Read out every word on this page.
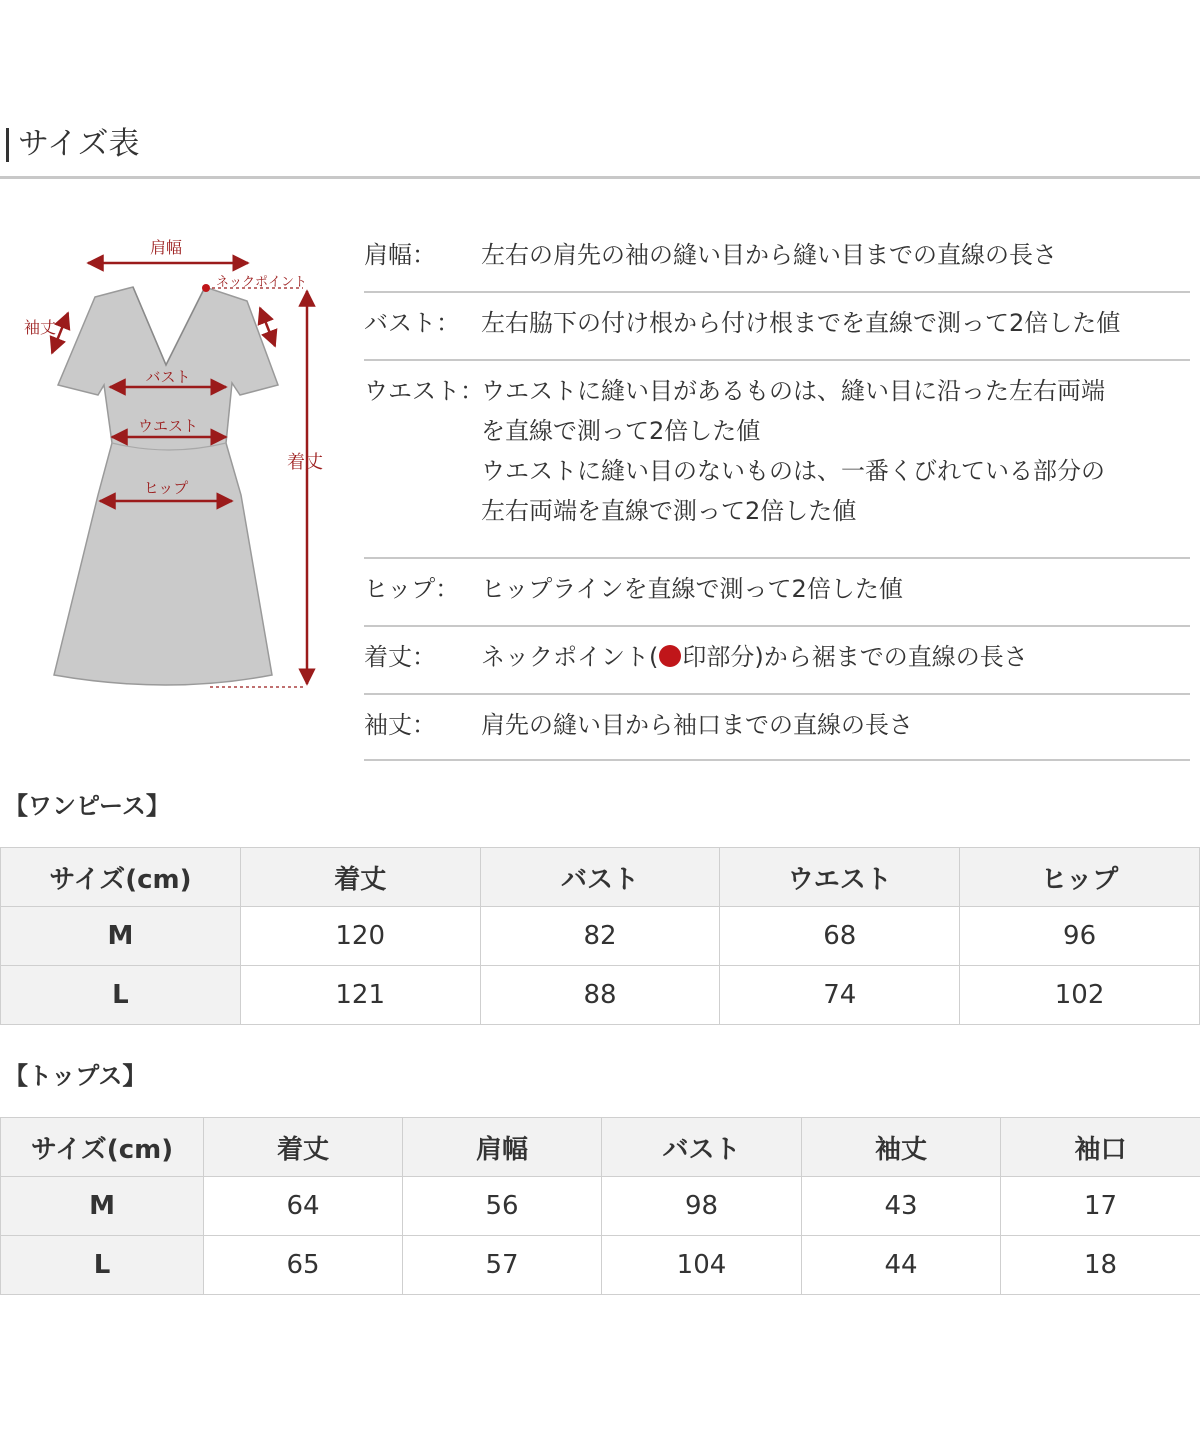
サイズ表
肩幅
ネックポイント
袖丈
バスト
ウエスト
ヒップ
着丈
肩幅： 左右の肩先の袖の縫い目から縫い目までの直線の長さ
バスト： 左右脇下の付け根から付け根までを直線で測って2倍した値
ウエスト：
ウエストに縫い目があるものは、縫い目に沿った左右両端
を直線で測って2倍した値
ウエストに縫い目のないものは、一番くびれている部分の
左右両端を直線で測って2倍した値
ヒップ： ヒップラインを直線で測って2倍した値
着丈： ネックポイント( 印部分)から裾までの直線の長さ
袖丈： 肩先の縫い目から袖口までの直線の長さ
【ワンピース】
サイズ(cm)	着丈	バスト	ウエスト	ヒップ
M	120	82	68	96
L	121	88	74	102
【トップス】
サイズ(cm)	着丈	肩幅	バスト	袖丈	袖口
M	64	56	98	43	17
L	65	57	104	44	18
